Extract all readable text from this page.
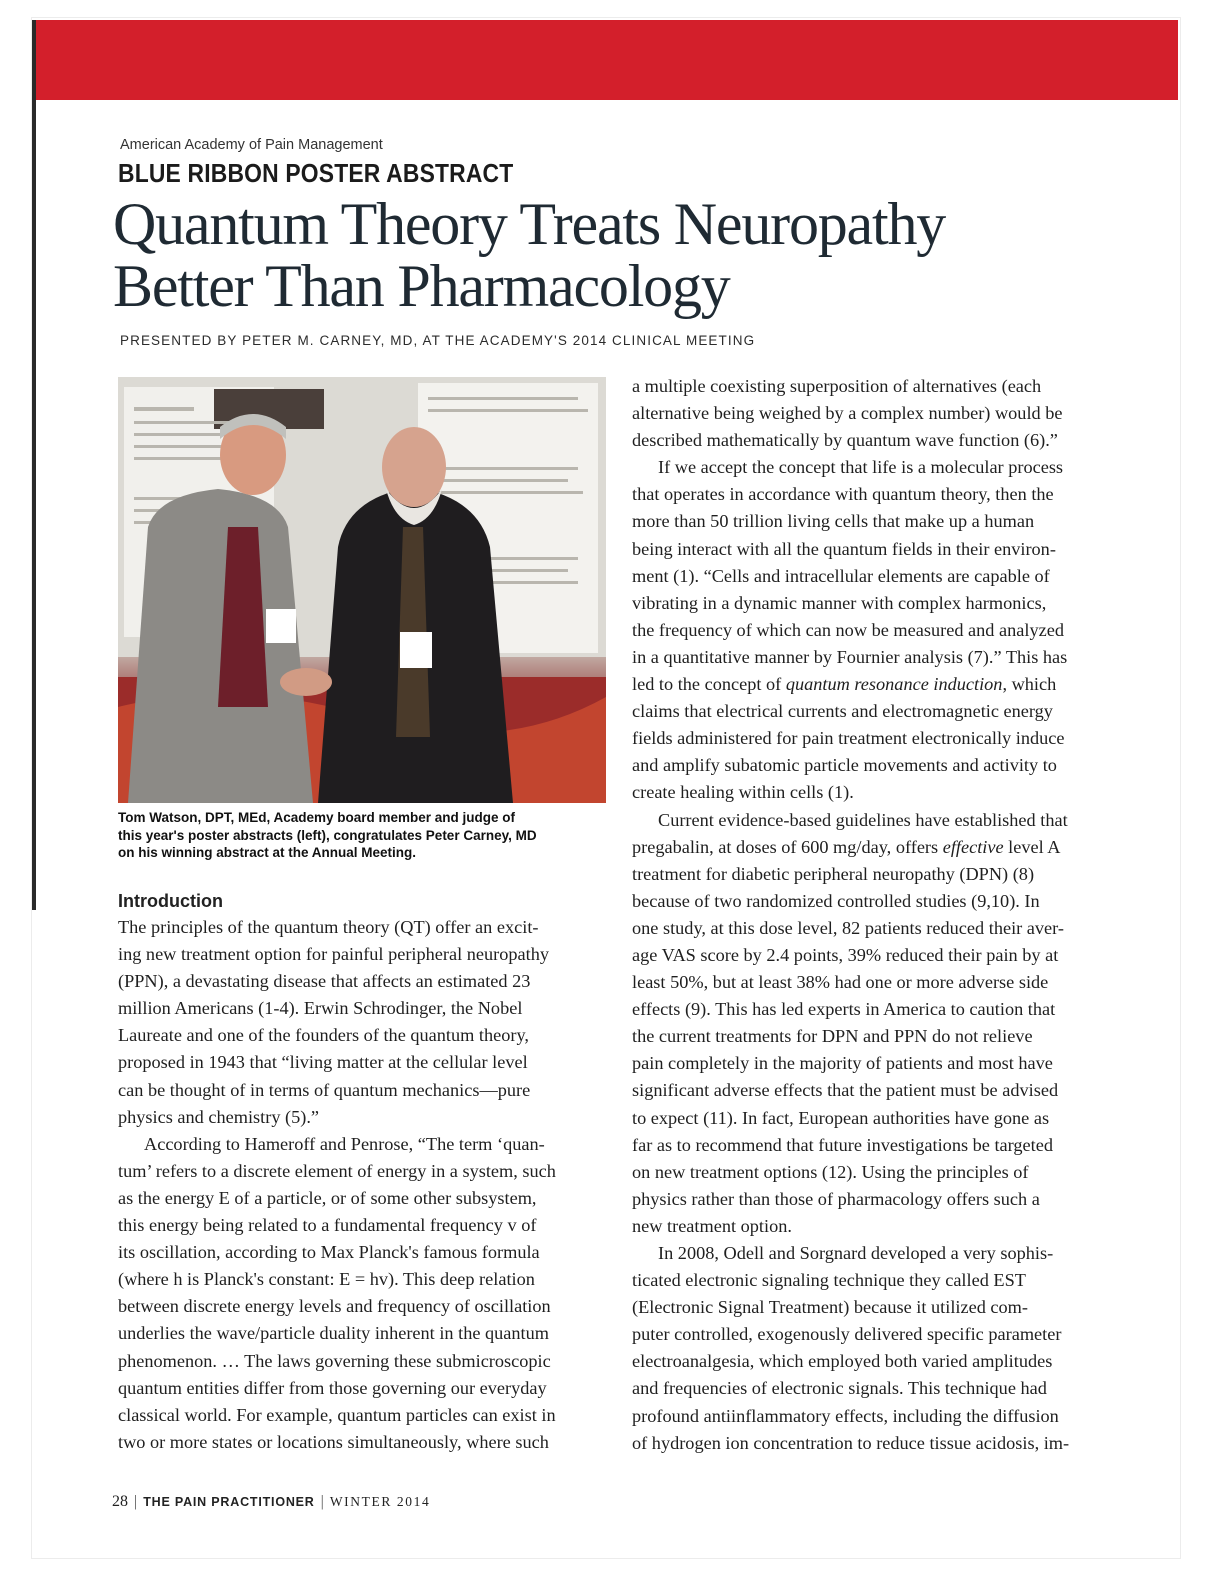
American Academy of Pain Management
BLUE RIBBON POSTER ABSTRACT
Quantum Theory Treats Neuropathy
Better Than Pharmacology
PRESENTED BY PETER M. CARNEY, MD, AT THE ACADEMY'S 2014 CLINICAL MEETING
Tom Watson, DPT, MEd, Academy board member and judge of
this year's poster abstracts (left), congratulates Peter Carney, MD
on his winning abstract at the Annual Meeting.
Introduction

The principles of the quantum theory (QT) offer an excit-
ing new treatment option for painful peripheral neuropathy
(PPN), a devastating disease that affects an estimated 23
million Americans (1-4). Erwin Schrodinger, the Nobel
Laureate and one of the founders of the quantum theory,
proposed in 1943 that “living matter at the cellular level
can be thought of in terms of quantum mechanics—pure
physics and chemistry (5).”

According to Hameroff and Penrose, “The term ‘quan-
tum’ refers to a discrete element of energy in a system, such
as the energy E of a particle, or of some other subsystem,
this energy being related to a fundamental frequency v of
its oscillation, according to Max Planck's famous formula
(where h is Planck's constant: E = hv). This deep relation
between discrete energy levels and frequency of oscillation
underlies the wave/particle duality inherent in the quantum
phenomenon. … The laws governing these submicroscopic
quantum entities differ from those governing our everyday
classical world. For example, quantum particles can exist in
two or more states or locations simultaneously, where such

a multiple coexisting superposition of alternatives (each
alternative being weighed by a complex number) would be
described mathematically by quantum wave function (6).”

If we accept the concept that life is a molecular process
that operates in accordance with quantum theory, then the
more than 50 trillion living cells that make up a human
being interact with all the quantum fields in their environ-
ment (1). “Cells and intracellular elements are capable of
vibrating in a dynamic manner with complex harmonics,
the frequency of which can now be measured and analyzed
in a quantitative manner by Fournier analysis (7).” This has
led to the concept of quantum resonance induction, which
claims that electrical currents and electromagnetic energy
fields administered for pain treatment electronically induce
and amplify subatomic particle movements and activity to
create healing within cells (1).

Current evidence-based guidelines have established that
pregabalin, at doses of 600 mg/day, offers effective level A
treatment for diabetic peripheral neuropathy (DPN) (8)
because of two randomized controlled studies (9,10). In
one study, at this dose level, 82 patients reduced their aver-
age VAS score by 2.4 points, 39% reduced their pain by at
least 50%, but at least 38% had one or more adverse side
effects (9). This has led experts in America to caution that
the current treatments for DPN and PPN do not relieve
pain completely in the majority of patients and most have
significant adverse effects that the patient must be advised
to expect (11). In fact, European authorities have gone as
far as to recommend that future investigations be targeted
on new treatment options (12). Using the principles of
physics rather than those of pharmacology offers such a
new treatment option.

In 2008, Odell and Sorgnard developed a very sophis-
ticated electronic signaling technique they called EST
(Electronic Signal Treatment) because it utilized com-
puter controlled, exogenously delivered specific parameter
electroanalgesia, which employed both varied amplitudes
and frequencies of electronic signals. This technique had
profound antiinflammatory effects, including the diffusion
of hydrogen ion concentration to reduce tissue acidosis, im-

28 | THE PAIN PRACTITIONER | WINTER 2014
